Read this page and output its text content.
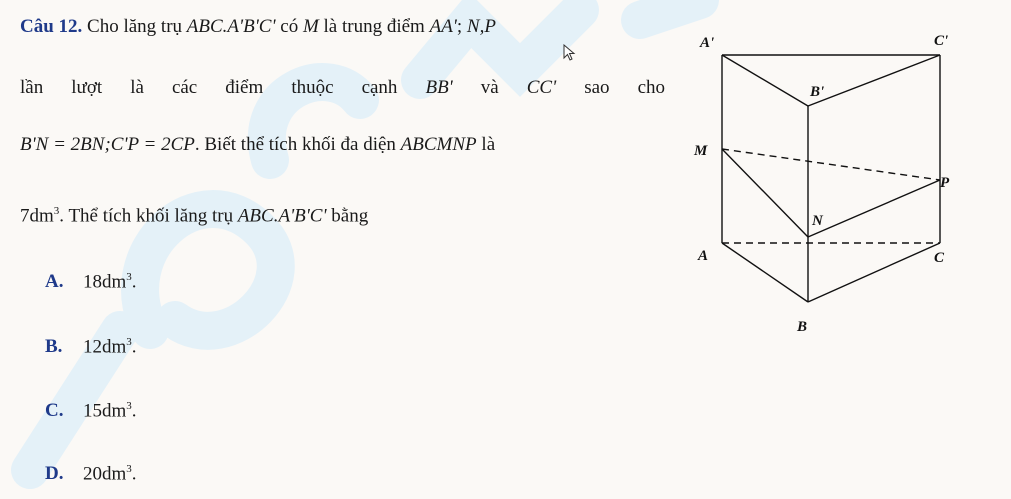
Câu 12. Cho lăng trụ ABC.A'B'C' có M là trung điểm AA'; N,P
lần lượt là các điểm thuộc cạnh BB' và CC' sao cho
B'N = 2BN;C'P = 2CP. Biết thể tích khối đa diện ABCMNP là
$7dm^3$. Thể tích khối lăng trụ ABC.A'B'C' bằng
A. $18dm^3$.
B. $12dm^3$.
C. $15dm^3$.
D. $20dm^3$.
A'	C'
B'
M
P
N
A	C
B
